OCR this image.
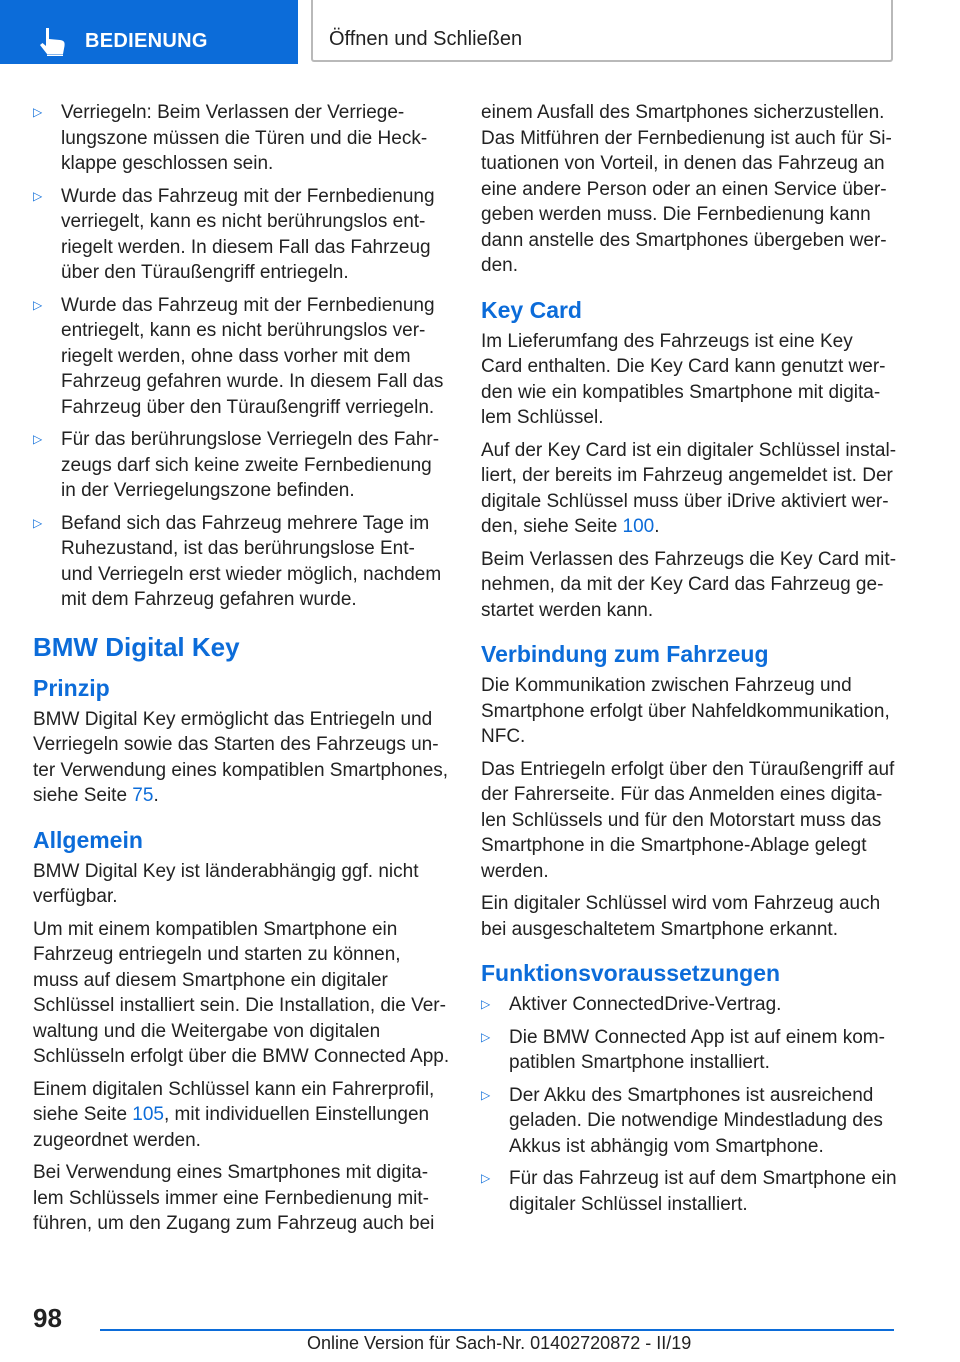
BEDIENUNG	Öffnen und Schließen
▷ Verriegeln: Beim Verlassen der Verriegelungszone müssen die Türen und die Heckklappe geschlossen sein.
▷ Wurde das Fahrzeug mit der Fernbedienung verriegelt, kann es nicht berührungslos entriegelt werden. In diesem Fall das Fahrzeug über den Türaußengriff entriegeln.
▷ Wurde das Fahrzeug mit der Fernbedienung entriegelt, kann es nicht berührungslos verriegelt werden, ohne dass vorher mit dem Fahrzeug gefahren wurde. In diesem Fall das Fahrzeug über den Türaußengriff verriegeln.
▷ Für das berührungslose Verriegeln des Fahrzeugs darf sich keine zweite Fernbedienung in der Verriegelungszone befinden.
▷ Befand sich das Fahrzeug mehrere Tage im Ruhezustand, ist das berührungslose Ent- und Verriegeln erst wieder möglich, nachdem mit dem Fahrzeug gefahren wurde.
BMW Digital Key
Prinzip

BMW Digital Key ermöglicht das Entriegeln und Verriegeln sowie das Starten des Fahrzeugs unter Verwendung eines kompatiblen Smartphones, siehe Seite 75.

Allgemein

BMW Digital Key ist länderabhängig ggf. nicht verfügbar.

Um mit einem kompatiblen Smartphone ein Fahrzeug entriegeln und starten zu können, muss auf diesem Smartphone ein digitaler Schlüssel installiert sein. Die Installation, die Verwaltung und die Weitergabe von digitalen Schlüsseln erfolgt über die BMW Connected App.

Einem digitalen Schlüssel kann ein Fahrerprofil, siehe Seite 105, mit individuellen Einstellungen zugeordnet werden.

Bei Verwendung eines Smartphones mit digitalem Schlüssels immer eine Fernbedienung mitführen, um den Zugang zum Fahrzeug auch bei

einem Ausfall des Smartphones sicherzustellen. Das Mitführen der Fernbedienung ist auch für Situationen von Vorteil, in denen das Fahrzeug an eine andere Person oder an einen Service übergeben werden muss. Die Fernbedienung kann dann anstelle des Smartphones übergeben werden.

Key Card

Im Lieferumfang des Fahrzeugs ist eine Key Card enthalten. Die Key Card kann genutzt werden wie ein kompatibles Smartphone mit digitalem Schlüssel.

Auf der Key Card ist ein digitaler Schlüssel installiert, der bereits im Fahrzeug angemeldet ist. Der digitale Schlüssel muss über iDrive aktiviert werden, siehe Seite 100.

Beim Verlassen des Fahrzeugs die Key Card mitnehmen, da mit der Key Card das Fahrzeug gestartet werden kann.

Verbindung zum Fahrzeug

Die Kommunikation zwischen Fahrzeug und Smartphone erfolgt über Nahfeldkommunikation, NFC.

Das Entriegeln erfolgt über den Türaußengriff auf der Fahrerseite. Für das Anmelden eines digitalen Schlüssels und für den Motorstart muss das Smartphone in die Smartphone-Ablage gelegt werden.

Ein digitaler Schlüssel wird vom Fahrzeug auch bei ausgeschaltetem Smartphone erkannt.

Funktionsvoraussetzungen
▷ Aktiver ConnectedDrive-Vertrag.
▷ Die BMW Connected App ist auf einem kompatiblen Smartphone installiert.
▷ Der Akku des Smartphones ist ausreichend geladen. Die notwendige Mindestladung des Akkus ist abhängig vom Smartphone.
▷ Für das Fahrzeug ist auf dem Smartphone ein digitaler Schlüssel installiert.
98
Online Version für Sach-Nr. 01402720872 - II/19
